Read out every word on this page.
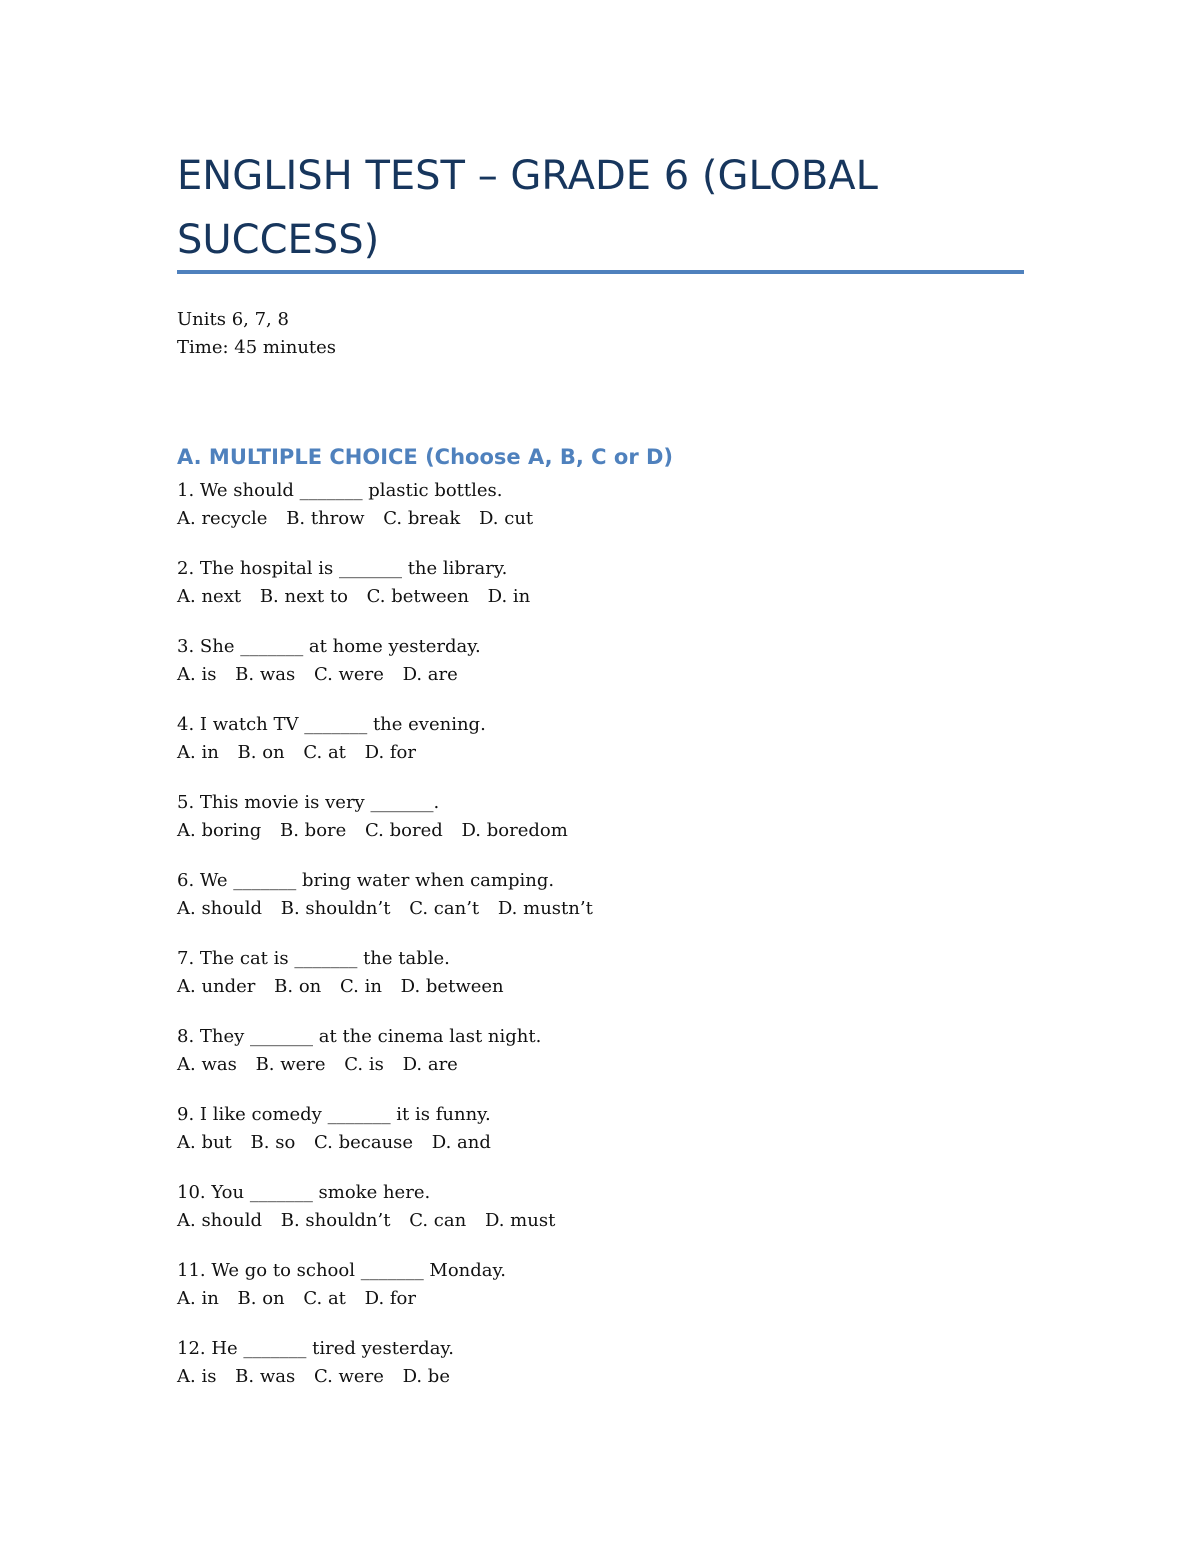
ENGLISH TEST – GRADE 6 (GLOBAL SUCCESS)
Units 6, 7, 8
Time: 45 minutes
A. MULTIPLE CHOICE (Choose A, B, C or D)
1. We should _______ plastic bottles.
A. recycle B. throw C. break D. cut
2. The hospital is _______ the library.
A. next B. next to C. between D. in
3. She _______ at home yesterday.
A. is B. was C. were D. are
4. I watch TV _______ the evening.
A. in B. on C. at D. for
5. This movie is very _______.
A. boring B. bore C. bored D. boredom
6. We _______ bring water when camping.
A. should B. shouldn’t C. can’t D. mustn’t
7. The cat is _______ the table.
A. under B. on C. in D. between
8. They _______ at the cinema last night.
A. was B. were C. is D. are
9. I like comedy _______ it is funny.
A. but B. so C. because D. and
10. You _______ smoke here.
A. should B. shouldn’t C. can D. must
11. We go to school _______ Monday.
A. in B. on C. at D. for
12. He _______ tired yesterday.
A. is B. was C. were D. be
